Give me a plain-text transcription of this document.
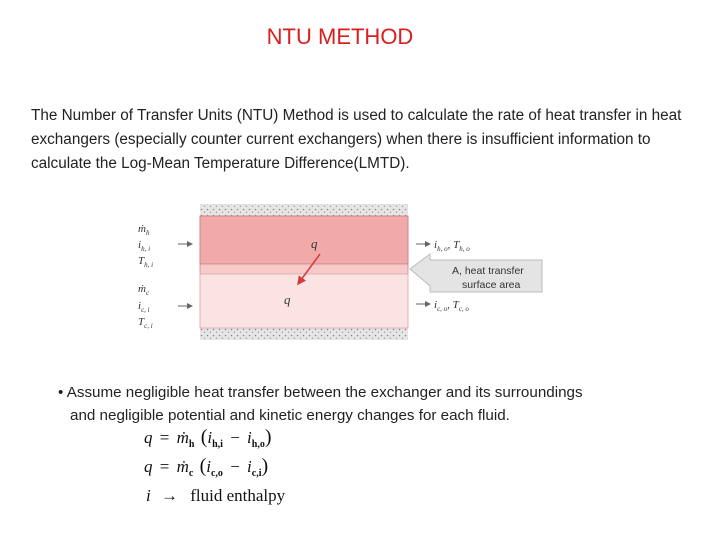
NTU METHOD
The Number of Transfer Units (NTU) Method is used to calculate the rate of heat transfer in heat exchangers (especially counter current exchangers) when there is insufficient information to calculate the Log-Mean Temperature Difference(LMTD).
q
q
ṁ$_h$
$i_{h, i}$
$T_{h, i}$
ṁ$_c$
$i_{c, i}$
$T_{c, i}$
$i_{h, o}$, $T_{h, o}$
A, heat transfer
surface area
$i_{c, o}$, $T_{c, o}$
• Assume negligible heat transfer between the exchanger and its surroundings
and negligible potential and kinetic energy changes for each fluid.
q = ṁ$_h$ $(i_{h,i} - i_{h,o})$
q = ṁ$_c$ $(i_{c,o} - i_{c,i})$
i → fluid enthalpy
